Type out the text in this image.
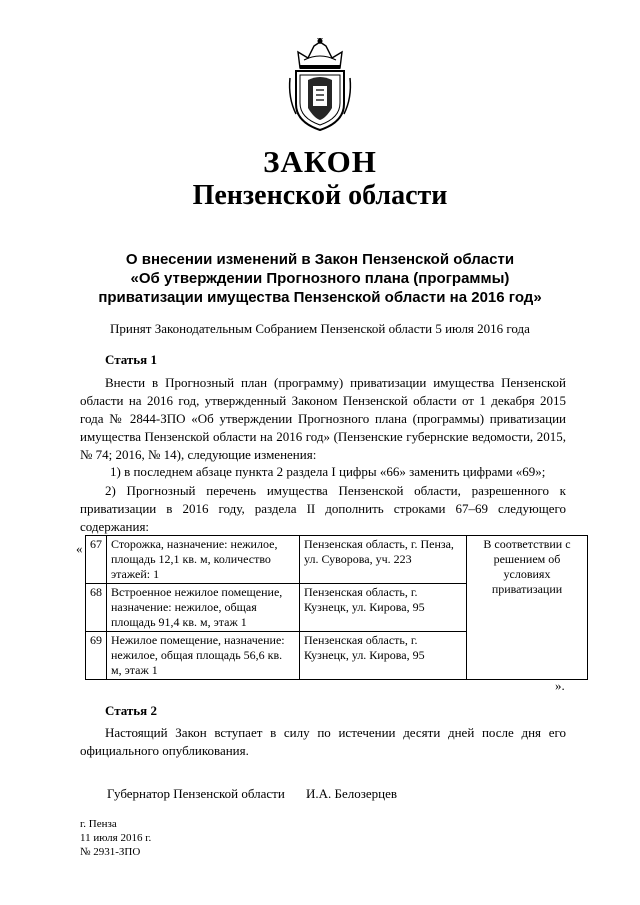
ЗАКОН
Пензенской области
О внесении изменений в Закон Пензенской области
«Об утверждении Прогнозного плана (программы)
приватизации имущества Пензенской области на 2016 год»
Принят Законодательным Собранием Пензенской области 5 июля 2016 года
Статья 1
Внести в Прогнозный план (программу) приватизации имущества Пензенской области на 2016 год, утвержденный Законом Пензенской области от 1 декабря 2015 года № 2844-ЗПО «Об утверждении Прогнозного плана (программы) приватизации имущества Пензенской области на 2016 год» (Пензенские губернские ведомости, 2015, № 74; 2016, № 14), следующие изменения:
1) в последнем абзаце пункта 2 раздела I цифры «66» заменить цифрами «69»;
2) Прогнозный перечень имущества Пензенской области, разрешенного к приватизации в 2016 году, раздела II дополнить строками 67–69 следующего содержания:
« 67	Сторожка, назначение: нежилое, площадь 12,1 кв. м, количество этажей: 1	Пензенская область, г. Пенза, ул. Суворова, уч. 223	В соответствии с решением об условиях приватизации
68	Встроенное нежилое помещение, назначение: нежилое, общая площадь 91,4 кв. м, этаж 1	Пензенская область, г. Кузнецк, ул. Кирова, 95	
69	Нежилое помещение, назначение: нежилое, общая площадь 56,6 кв. м, этаж 1	Пензенская область, г. Кузнецк, ул. Кирова, 95	
».
Статья 2
Настоящий Закон вступает в силу по истечении десяти дней после дня его официального опубликования.
Губернатор Пензенской области И.А. Белозерцев
г. Пенза
11 июля 2016 г.
№ 2931-ЗПО
